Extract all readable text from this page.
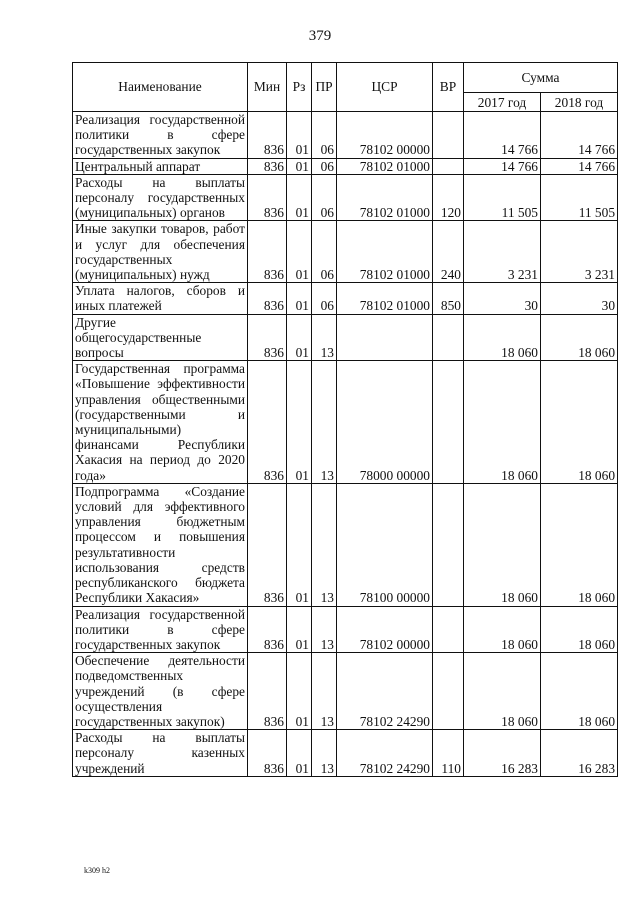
379
Наименование	Мин	Рз	ПР	ЦСР	ВР	Сумма	
						2017 год	2018 год
Реализация государственной политики в сфере государственных закупок	836	01	06	78102 00000		14 766	14 766
Центральный аппарат	836	01	06	78102 01000		14 766	14 766
Расходы на выплаты персоналу государственных (муниципальных) органов	836	01	06	78102 01000	120	11 505	11 505
Иные закупки товаров, работ и услуг для обеспечения государственных (муниципальных) нужд	836	01	06	78102 01000	240	3 231	3 231
Уплата налогов, сборов и иных платежей	836	01	06	78102 01000	850	30	30
Другие общегосударственные вопросы	836	01	13			18 060	18 060
Государственная программа «Повышение эффективности управления общественными (государственными и муниципальными) финансами Республики Хакасия на период до 2020 года»	836	01	13	78000 00000		18 060	18 060
Подпрограмма «Создание условий для эффективного управления бюджетным процессом и повышения результативности использования средств республиканского бюджета Республики Хакасия»	836	01	13	78100 00000		18 060	18 060
Реализация государственной политики в сфере государственных закупок	836	01	13	78102 00000		18 060	18 060
Обеспечение деятельности подведомственных учреждений (в сфере осуществления государственных закупок)	836	01	13	78102 24290		18 060	18 060
Расходы на выплаты персоналу казенных учреждений	836	01	13	78102 24290	110	16 283	16 283
k309 h2
